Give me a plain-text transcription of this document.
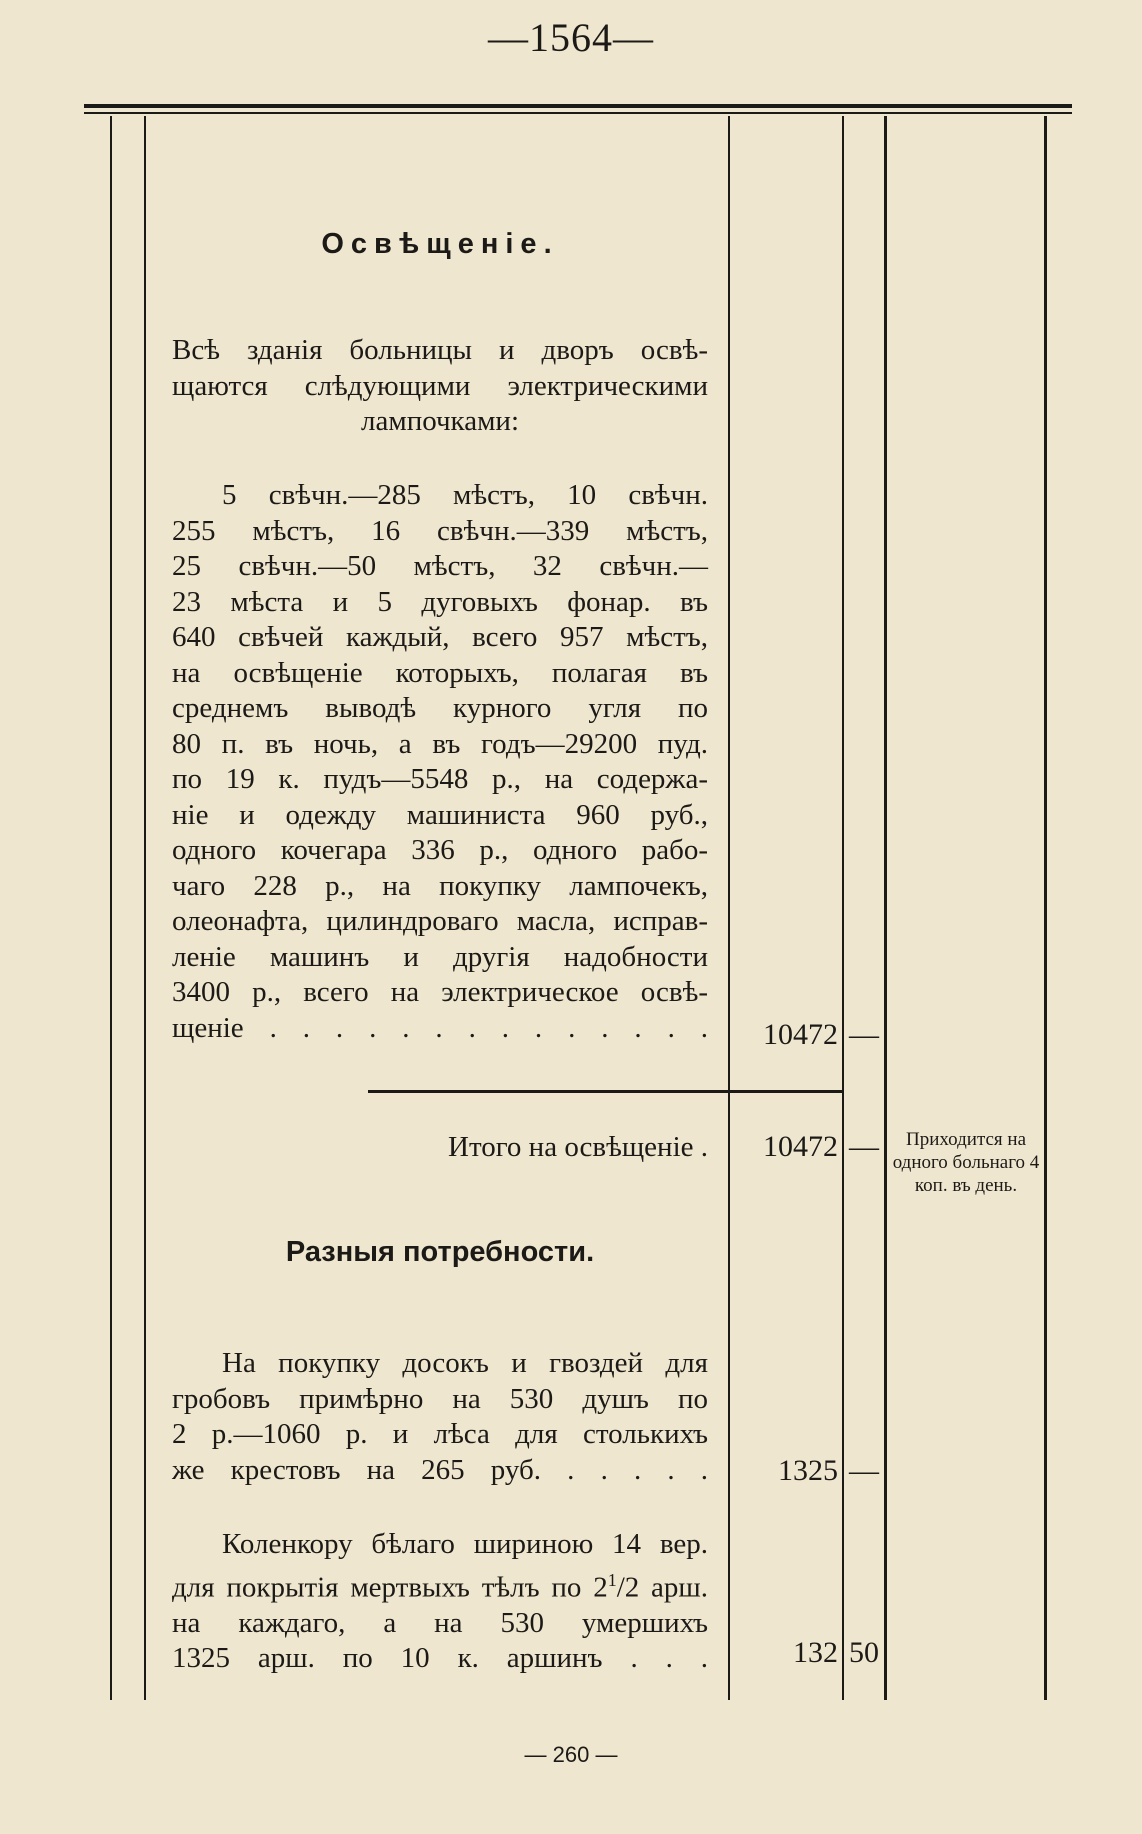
—1564—
Освѣщеніе.
Всѣ зданія больницы и дворъ освѣ-
щаются слѣдующими электрическими
лампочками:
5 свѣчн.—285 мѣстъ, 10 свѣчн.
255 мѣстъ, 16 свѣчн.—339 мѣстъ,
25 свѣчн.—50 мѣстъ, 32 свѣчн.—
23 мѣста и 5 дуговыхъ фонар. въ
640 свѣчей каждый, всего 957 мѣстъ,
на освѣщеніе которыхъ, полагая въ
среднемъ выводѣ курного угля по
80 п. въ ночь, а въ годъ—29200 пуд.
по 19 к. пудъ—5548 р., на содержа-
ніе и одежду машиниста 960 руб.,
одного кочегара 336 р., одного рабо-
чаго 228 р., на покупку лампочекъ,
олеонафта, цилиндроваго масла, исправ-
леніе машинъ и другія надобности
3400 р., всего на электрическое освѣ-
щеніе . . . . . . . . . . . . . .	10472 —
Итого на освѣщеніе .	10472 —	Приходится на одного больнаго 4 коп. въ день.
Разныя потребности.
На покупку досокъ и гвоздей для
гробовъ примѣрно на 530 душъ по
2 р.—1060 р. и лѣса для столькихъ
же крестовъ на 265 руб. . . . . .	1325 —
Коленкору бѣлаго шириною 14 вер.
для покрытія мертвыхъ тѣлъ по $2^1/2$ арш.
на каждаго, а на 530 умершихъ
1325 арш. по 10 к. аршинъ . . .	132 50
— 260 —
